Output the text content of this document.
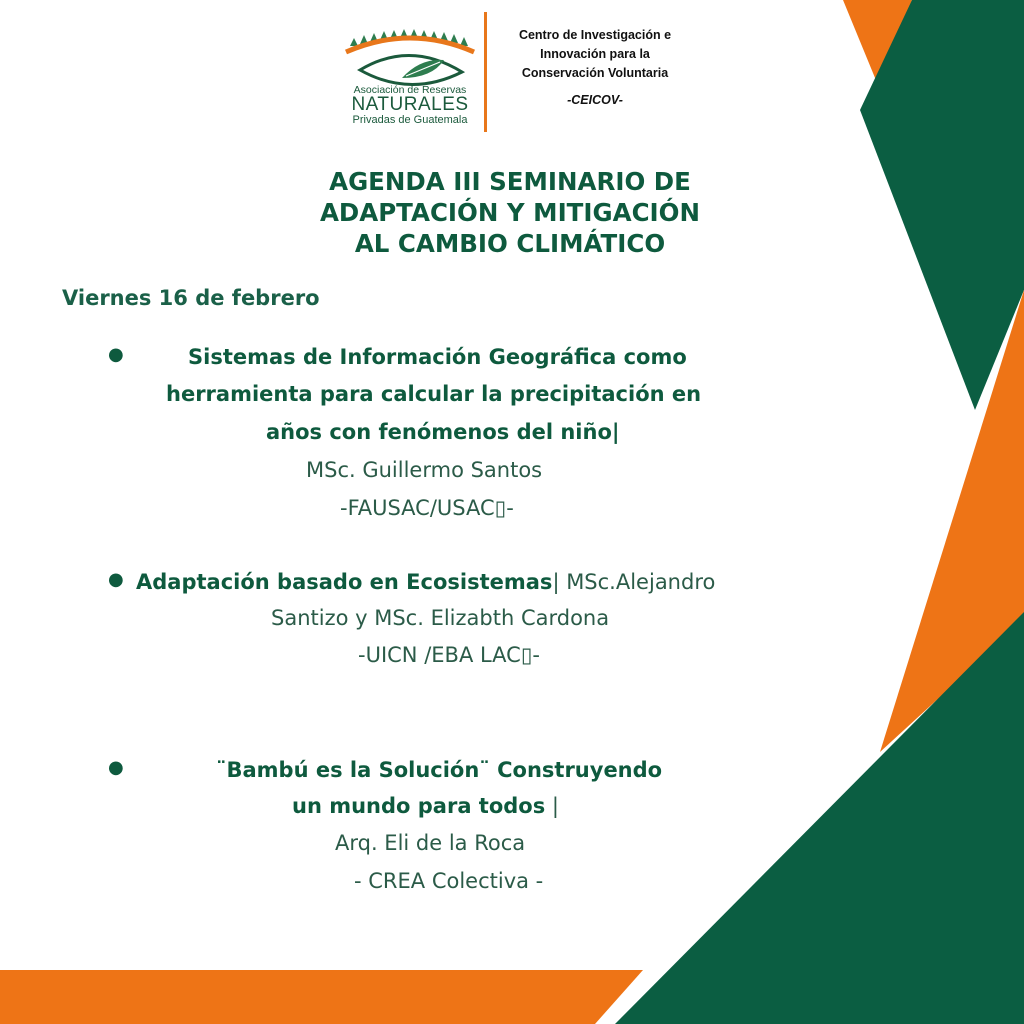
Asociación de Reservas
NATURALES
Privadas de Guatemala
Centro de Investigación e
Innovación para la
Conservación Voluntaria
-CEICOV-
AGENDA III SEMINARIO DE
ADAPTACIÓN Y MITIGACIÓN
AL CAMBIO CLIMÁTICO
Viernes 16 de febrero
●	Sistemas de Información Geográfica como
herramienta para calcular la precipitación en
años con fenómenos del niño|
MSc. Guillermo Santos
-FAUSAC/USAC▯-
● Adaptación basado en Ecosistemas| MSc.Alejandro
Santizo y MSc. Elizabth Cardona
-UICN /EBA LAC▯-
●	¨Bambú es la Solución¨ Construyendo
un mundo para todos |
Arq. Eli de la Roca
- CREA Colectiva -
